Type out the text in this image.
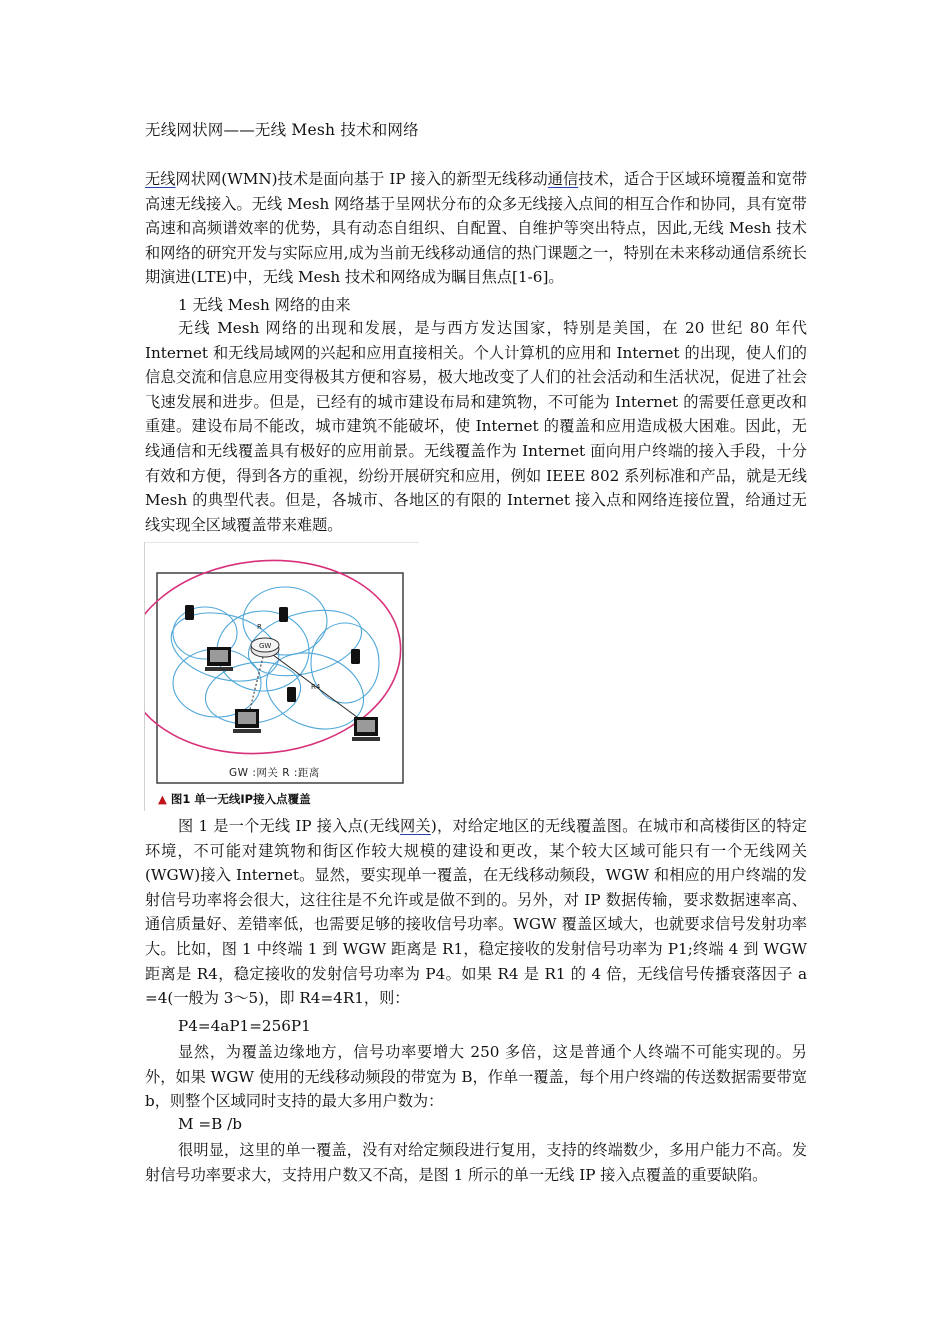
无线网状网——无线 Mesh 技术和网络
无线网状网(WMN)技术是面向基于 IP 接入的新型无线移动通信技术，适合于区域环境覆盖和宽带高速无线接入。无线 Mesh 网络基于呈网状分布的众多无线接入点间的相互合作和协同，具有宽带高速和高频谱效率的优势，具有动态自组织、自配置、自维护等突出特点，因此,无线 Mesh 技术和网络的研究开发与实际应用,成为当前无线移动通信的热门课题之一，特别在未来移动通信系统长期演进(LTE)中，无线 Mesh 技术和网络成为瞩目焦点[1-6]。
1 无线 Mesh 网络的由来
无线 Mesh 网络的出现和发展，是与西方发达国家，特别是美国，在 20 世纪 80 年代 Internet 和无线局域网的兴起和应用直接相关。个人计算机的应用和 Internet 的出现，使人们的信息交流和信息应用变得极其方便和容易，极大地改变了人们的社会活动和生活状况，促进了社会飞速发展和进步。但是，已经有的城市建设布局和建筑物，不可能为 Internet 的需要任意更改和重建。建设布局不能改，城市建筑不能破坏，使 Internet 的覆盖和应用造成极大困难。因此，无线通信和无线覆盖具有极好的应用前景。无线覆盖作为 Internet 面向用户终端的接入手段，十分有效和方便，得到各方的重视，纷纷开展研究和应用，例如 IEEE 802 系列标准和产品，就是无线 Mesh 的典型代表。但是，各城市、各地区的有限的 Internet 接入点和网络连接位置，给通过无线实现全区域覆盖带来难题。
GW
R
R4
GW :网关 R :距离
▲ 图1 单一无线IP接入点覆盖
图 1 是一个无线 IP 接入点(无线网关)，对给定地区的无线覆盖图。在城市和高楼街区的特定环境，不可能对建筑物和街区作较大规模的建设和更改，某个较大区域可能只有一个无线网关(WGW)接入 Internet。显然，要实现单一覆盖，在无线移动频段，WGW 和相应的用户终端的发射信号功率将会很大，这往往是不允许或是做不到的。另外，对 IP 数据传输，要求数据速率高、通信质量好、差错率低，也需要足够的接收信号功率。WGW 覆盖区域大，也就要求信号发射功率大。比如，图 1 中终端 1 到 WGW 距离是 R1，稳定接收的发射信号功率为 P1;终端 4 到 WGW 距离是 R4，稳定接收的发射信号功率为 P4。如果 R4 是 R1 的 4 倍，无线信号传播衰落因子 a =4(一般为 3～5)，即 R4=4R1，则：
P4=4aP1=256P1
显然，为覆盖边缘地方，信号功率要增大 250 多倍，这是普通个人终端不可能实现的。另外，如果 WGW 使用的无线移动频段的带宽为 B，作单一覆盖，每个用户终端的传送数据需要带宽 b，则整个区域同时支持的最大多用户数为：
M =B /b
很明显，这里的单一覆盖，没有对给定频段进行复用，支持的终端数少，多用户能力不高。发射信号功率要求大，支持用户数又不高，是图 1 所示的单一无线 IP 接入点覆盖的重要缺陷。
